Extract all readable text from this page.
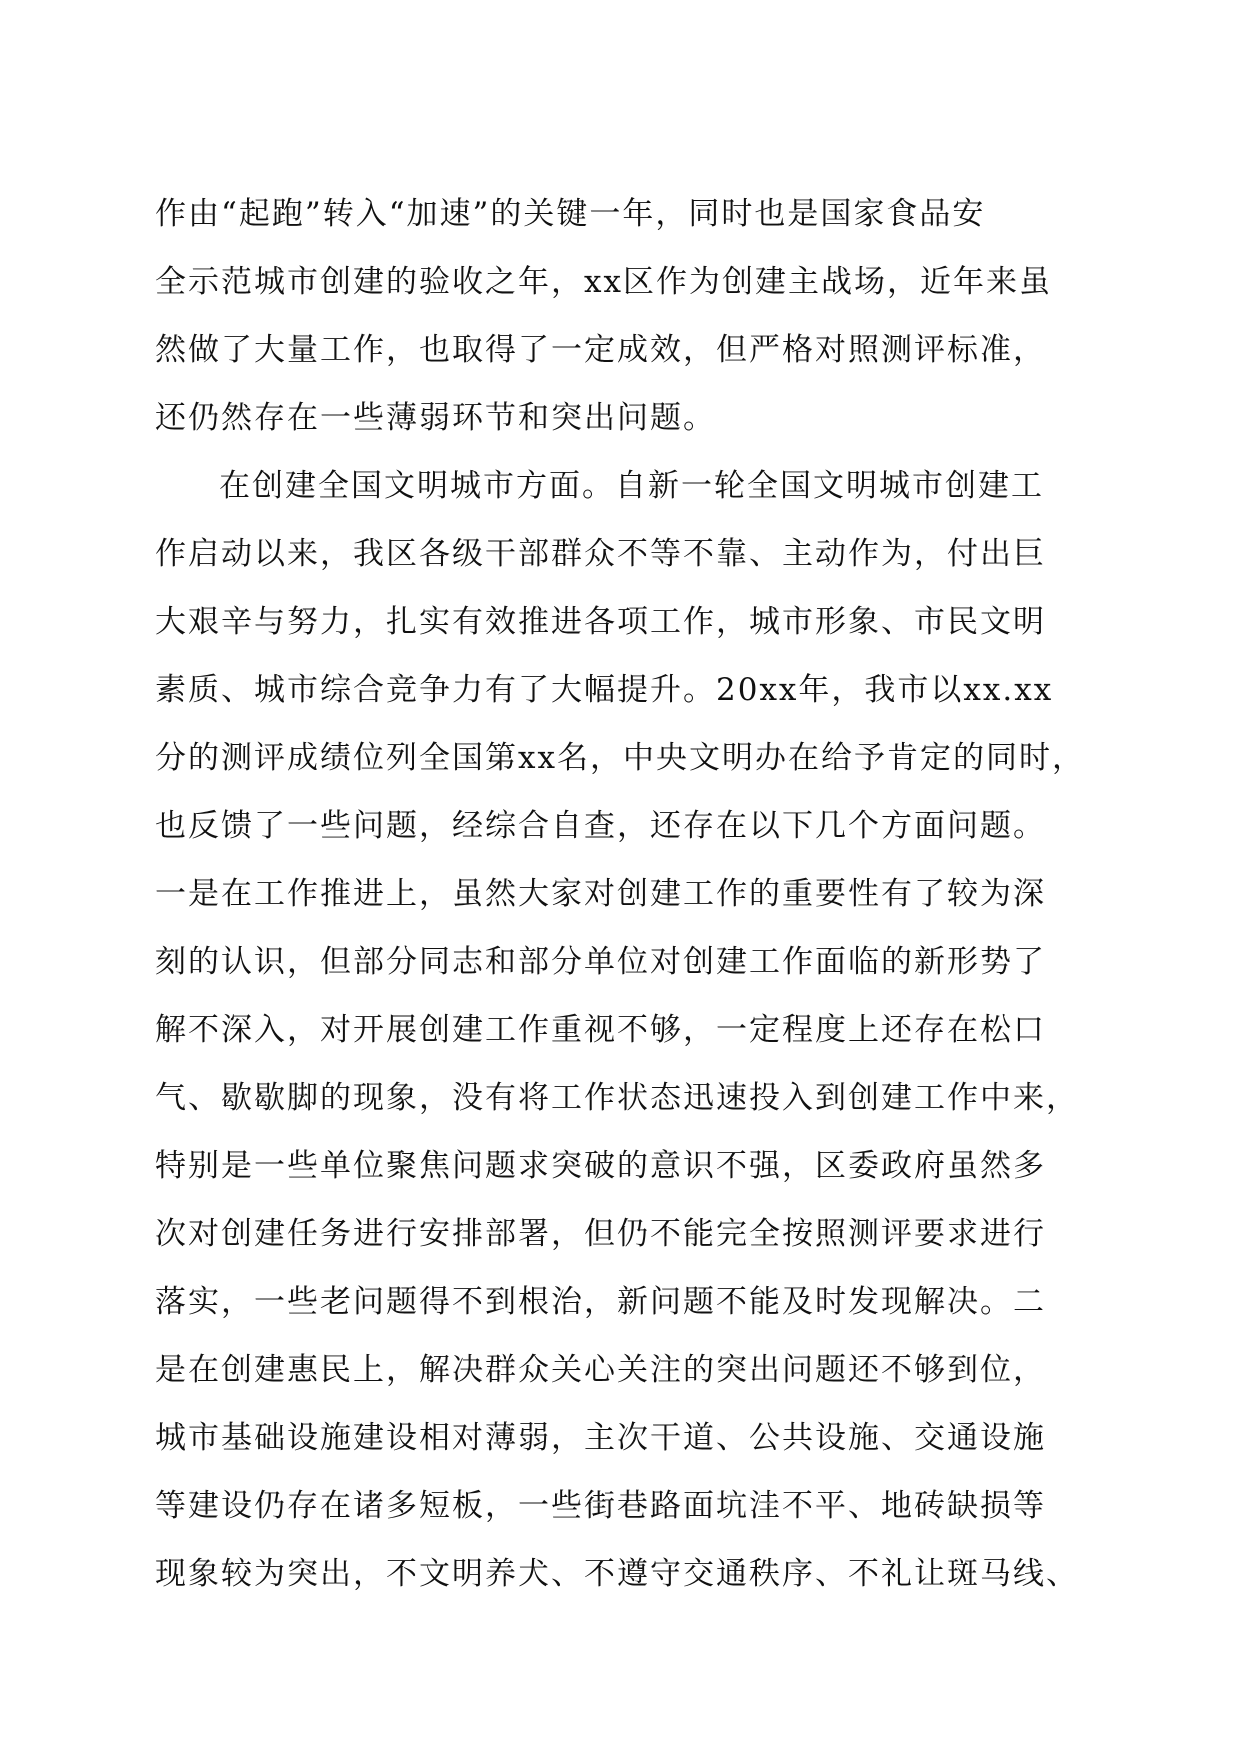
作由“起跑”转入“加速”的关键一年，同时也是国家食品安
全示范城市创建的验收之年，xx区作为创建主战场，近年来虽
然做了大量工作，也取得了一定成效，但严格对照测评标准，
还仍然存在一些薄弱环节和突出问题。
在创建全国文明城市方面。自新一轮全国文明城市创建工
作启动以来，我区各级干部群众不等不靠、主动作为，付出巨
大艰辛与努力，扎实有效推进各项工作，城市形象、市民文明
素质、城市综合竞争力有了大幅提升。20xx年，我市以xx.xx
分的测评成绩位列全国第xx名，中央文明办在给予肯定的同时，
也反馈了一些问题，经综合自查，还存在以下几个方面问题。
一是在工作推进上，虽然大家对创建工作的重要性有了较为深
刻的认识，但部分同志和部分单位对创建工作面临的新形势了
解不深入，对开展创建工作重视不够，一定程度上还存在松口
气、歇歇脚的现象，没有将工作状态迅速投入到创建工作中来，
特别是一些单位聚焦问题求突破的意识不强，区委政府虽然多
次对创建任务进行安排部署，但仍不能完全按照测评要求进行
落实，一些老问题得不到根治，新问题不能及时发现解决。二
是在创建惠民上，解决群众关心关注的突出问题还不够到位，
城市基础设施建设相对薄弱，主次干道、公共设施、交通设施
等建设仍存在诸多短板，一些街巷路面坑洼不平、地砖缺损等
现象较为突出，不文明养犬、不遵守交通秩序、不礼让斑马线、
